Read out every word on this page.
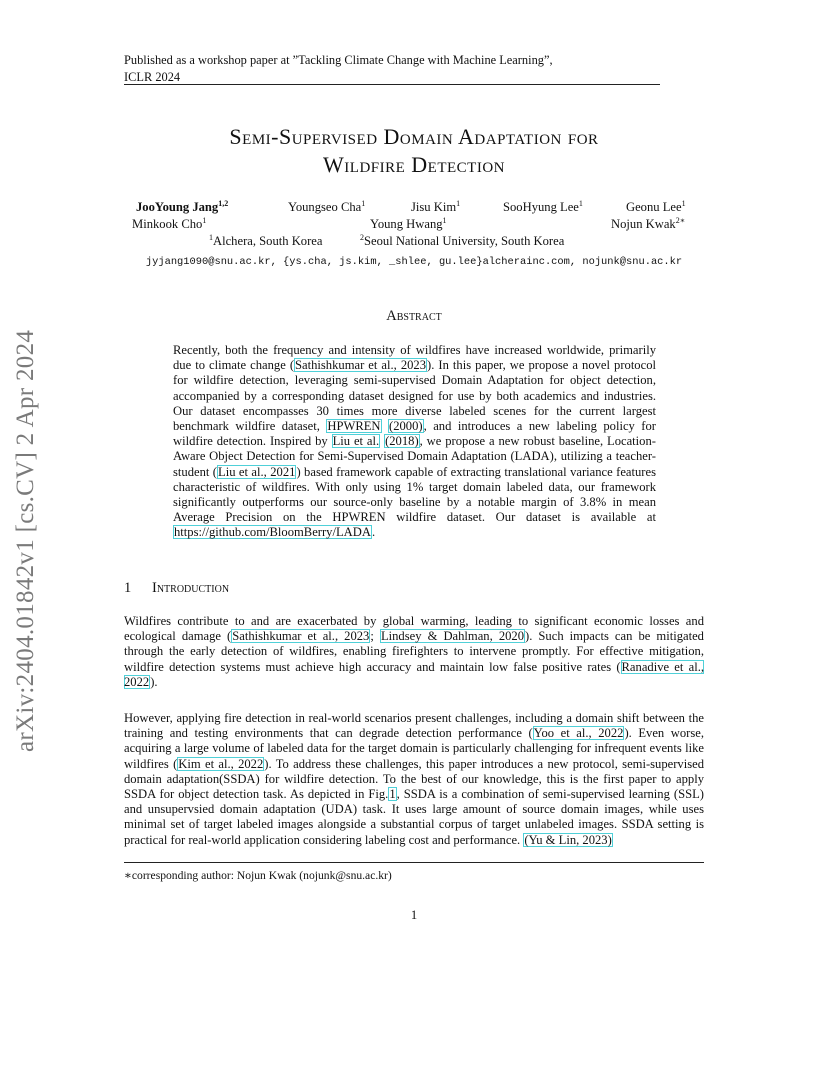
Published as a workshop paper at ”Tackling Climate Change with Machine Learning”,
ICLR 2024
Semi-Supervised Domain Adaptation for
Wildfire Detection
JooYoung Jang$^{1,2}$	Youngseo Cha$^1$	Jisu Kim$^1$	SooHyung Lee$^1$	Geonu Lee$^1$
Minkook Cho$^1$	Young Hwang$^1$	Nojun Kwak$^{2∗}$
$^1$Alchera, South Korea	$^2$Seoul National University, South Korea
jyjang1090@snu.ac.kr, {ys.cha, js.kim, _shlee, gu.lee}alcherainc.com, nojunk@snu.ac.kr
Abstract
Recently, both the frequency and intensity of wildfires have increased worldwide, primarily due to climate change (Sathishkumar et al., 2023). In this paper, we propose a novel protocol for wildfire detection, leveraging semi-supervised Domain Adaptation for object detection, accompanied by a corresponding dataset designed for use by both academics and industries. Our dataset encompasses 30 times more diverse labeled scenes for the current largest benchmark wildfire dataset, HPWREN (2000), and introduces a new labeling policy for wildfire detection. Inspired by Liu et al. (2018), we propose a new robust baseline, Location-Aware Object Detection for Semi-Supervised Domain Adaptation (LADA), utilizing a teacher-student (Liu et al., 2021) based framework capable of extracting translational variance features characteristic of wildfires. With only using 1% target domain labeled data, our framework significantly outperforms our source-only baseline by a notable margin of 3.8% in mean Average Precision on the HPWREN wildfire dataset. Our dataset is available at https://github.com/BloomBerry/LADA.
1 Introduction
Wildfires contribute to and are exacerbated by global warming, leading to significant economic losses and ecological damage (Sathishkumar et al., 2023; Lindsey & Dahlman, 2020). Such impacts can be mitigated through the early detection of wildfires, enabling firefighters to intervene promptly. For effective mitigation, wildfire detection systems must achieve high accuracy and maintain low false positive rates (Ranadive et al., 2022).
However, applying fire detection in real-world scenarios present challenges, including a domain shift between the training and testing environments that can degrade detection performance (Yoo et al., 2022). Even worse, acquiring a large volume of labeled data for the target domain is particularly challenging for infrequent events like wildfires (Kim et al., 2022). To address these challenges, this paper introduces a new protocol, semi-supervised domain adaptation(SSDA) for wildfire detection. To the best of our knowledge, this is the first paper to apply SSDA for object detection task. As depicted in Fig.1, SSDA is a combination of semi-supervised learning (SSL) and unsupervsied domain adaptation (UDA) task. It uses large amount of source domain images, while uses minimal set of target labeled images alongside a substantial corpus of target unlabeled images. SSDA setting is practical for real-world application considering labeling cost and performance. (Yu & Lin, 2023)
∗corresponding author: Nojun Kwak (nojunk@snu.ac.kr)
1
arXiv:2404.01842v1 [cs.CV] 2 Apr 2024
